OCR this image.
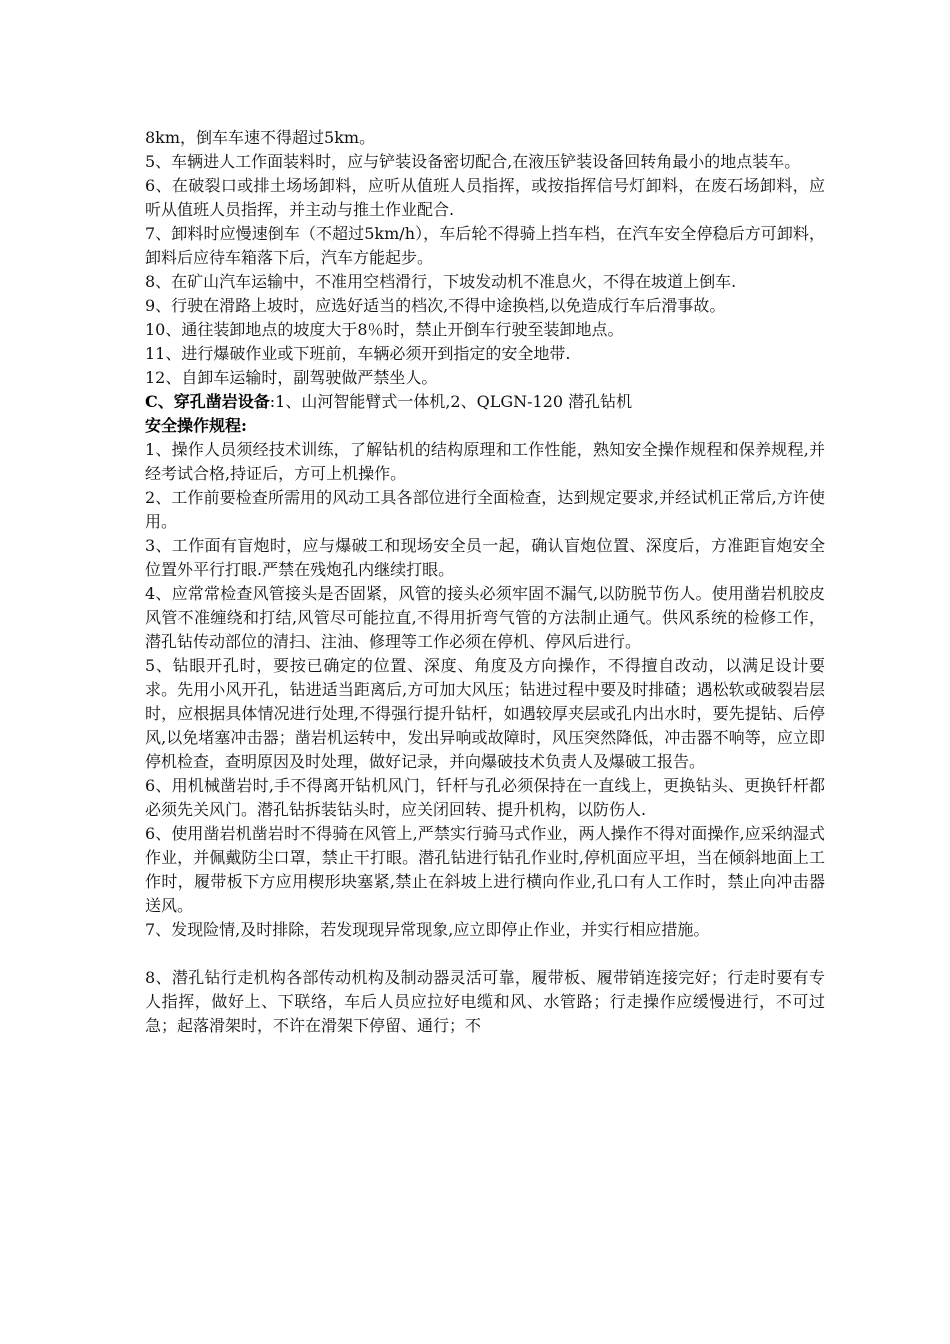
8km，倒车车速不得超过5km。

5、车辆进人工作面装料时，应与铲装设备密切配合,在液压铲装设备回转角最小的地点装车。

6、在破裂口或排土场场卸料，应听从值班人员指挥，或按指挥信号灯卸料，在废石场卸料，应听从值班人员指挥，并主动与推土作业配合.

7、卸料时应慢速倒车（不超过5km/h），车后轮不得骑上挡车档，在汽车安全停稳后方可卸料，卸料后应待车箱落下后，汽车方能起步。

8、在矿山汽车运输中，不准用空档滑行，下坡发动机不准息火，不得在坡道上倒车.

9、行驶在滑路上坡时，应选好适当的档次,不得中途换档,以免造成行车后滑事故。

10、通往装卸地点的坡度大于8％时，禁止开倒车行驶至装卸地点。

11、进行爆破作业或下班前，车辆必须开到指定的安全地带.

12、自卸车运输时，副驾驶做严禁坐人。

C、穿孔凿岩设备:1、山河智能臂式一体机,2、QLGN-120 潜孔钻机

安全操作规程:

1、操作人员须经技术训练，了解钻机的结构原理和工作性能，熟知安全操作规程和保养规程,并经考试合格,持证后，方可上机操作。

2、工作前要检查所需用的风动工具各部位进行全面检查，达到规定要求,并经试机正常后,方许使用。

3、工作面有盲炮时，应与爆破工和现场安全员一起，确认盲炮位置、深度后，方准距盲炮安全位置外平行打眼.严禁在残炮孔内继续打眼。

4、应常常检查风管接头是否固紧，风管的接头必须牢固不漏气,以防脱节伤人。使用凿岩机胶皮风管不准缠绕和打结,风管尽可能拉直,不得用折弯气管的方法制止通气。供风系统的检修工作，潜孔钻传动部位的清扫、注油、修理等工作必须在停机、停风后进行。

5、钻眼开孔时，要按已确定的位置、深度、角度及方向操作，不得擅自改动，以满足设计要求。先用小风开孔，钻进适当距离后,方可加大风压；钻进过程中要及时排碴；遇松软或破裂岩层时，应根据具体情况进行处理,不得强行提升钻杆，如遇较厚夹层或孔内出水时，要先提钻、后停风,以免堵塞冲击器；凿岩机运转中，发出异响或故障时，风压突然降低，冲击器不响等，应立即停机检查，查明原因及时处理，做好记录，并向爆破技术负责人及爆破工报告。

6、用机械凿岩时,手不得离开钻机风门，钎杆与孔必须保持在一直线上，更换钻头、更换钎杆都必须先关风门。潜孔钻拆装钻头时，应关闭回转、提升机构，以防伤人.

6、使用凿岩机凿岩时不得骑在风管上,严禁实行骑马式作业，两人操作不得对面操作,应采纳湿式作业，并佩戴防尘口罩，禁止干打眼。潜孔钻进行钻孔作业时,停机面应平坦，当在倾斜地面上工作时，履带板下方应用楔形块塞紧,禁止在斜坡上进行横向作业,孔口有人工作时，禁止向冲击器送风。

7、发现险情,及时排除，若发现现异常现象,应立即停止作业，并实行相应措施。

8、潜孔钻行走机构各部传动机构及制动器灵活可靠，履带板、履带销连接完好；行走时要有专人指挥，做好上、下联络，车后人员应拉好电缆和风、水管路；行走操作应缓慢进行，不可过急；起落滑架时，不许在滑架下停留、通行；不
